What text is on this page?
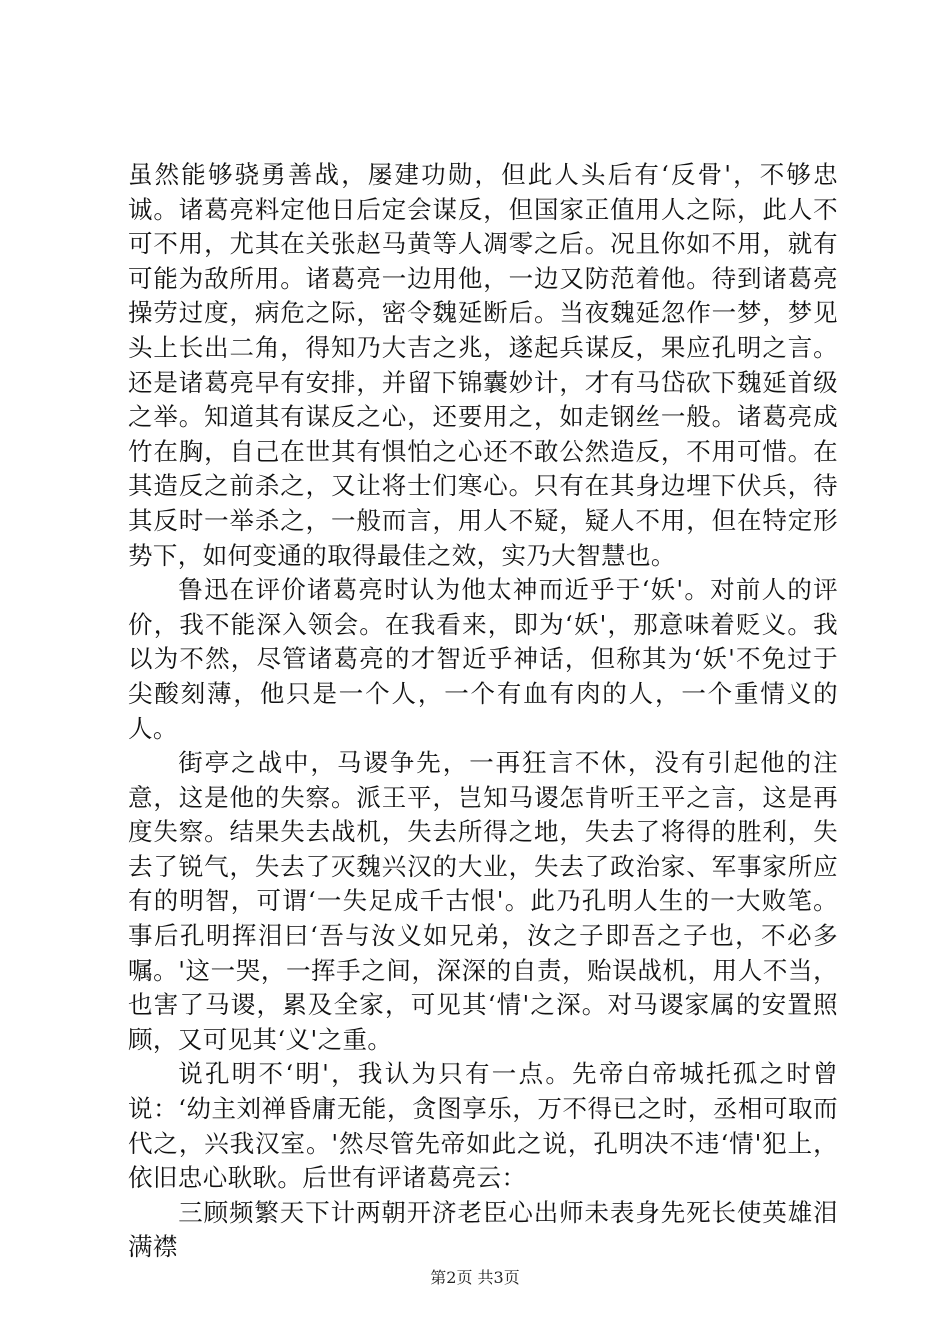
虽然能够骁勇善战，屡建功勋，但此人头后有‘反骨'，不够忠诚。诸葛亮料定他日后定会谋反，但国家正值用人之际，此人不可不用，尤其在关张赵马黄等人凋零之后。况且你如不用，就有可能为敌所用。诸葛亮一边用他，一边又防范着他。待到诸葛亮操劳过度，病危之际，密令魏延断后。当夜魏延忽作一梦，梦见头上长出二角，得知乃大吉之兆，遂起兵谋反，果应孔明之言。还是诸葛亮早有安排，并留下锦囊妙计，才有马岱砍下魏延首级之举。知道其有谋反之心，还要用之，如走钢丝一般。诸葛亮成竹在胸，自己在世其有惧怕之心还不敢公然造反，不用可惜。在其造反之前杀之，又让将士们寒心。只有在其身边埋下伏兵，待其反时一举杀之，一般而言，用人不疑，疑人不用，但在特定形势下，如何变通的取得最佳之效，实乃大智慧也。

鲁迅在评价诸葛亮时认为他太神而近乎于‘妖'。对前人的评价，我不能深入领会。在我看来，即为‘妖'，那意味着贬义。我以为不然，尽管诸葛亮的才智近乎神话，但称其为‘妖'不免过于尖酸刻薄，他只是一个人，一个有血有肉的人，一个重情义的人。

街亭之战中，马谡争先，一再狂言不休，没有引起他的注意，这是他的失察。派王平，岂知马谡怎肯听王平之言，这是再度失察。结果失去战机，失去所得之地，失去了将得的胜利，失去了锐气，失去了灭魏兴汉的大业，失去了政治家、军事家所应有的明智，可谓‘一失足成千古恨'。此乃孔明人生的一大败笔。事后孔明挥泪曰‘吾与汝义如兄弟，汝之子即吾之子也，不必多嘱。'这一哭，一挥手之间，深深的自责，贻误战机，用人不当，也害了马谡，累及全家，可见其‘情'之深。对马谡家属的安置照顾，又可见其‘义'之重。

说孔明不‘明'，我认为只有一点。先帝白帝城托孤之时曾说：‘幼主刘禅昏庸无能，贪图享乐，万不得已之时，丞相可取而代之，兴我汉室。'然尽管先帝如此之说，孔明决不违‘情'犯上，依旧忠心耿耿。后世有评诸葛亮云：

三顾频繁天下计两朝开济老臣心出师未表身先死长使英雄泪满襟

第2页 共3页
